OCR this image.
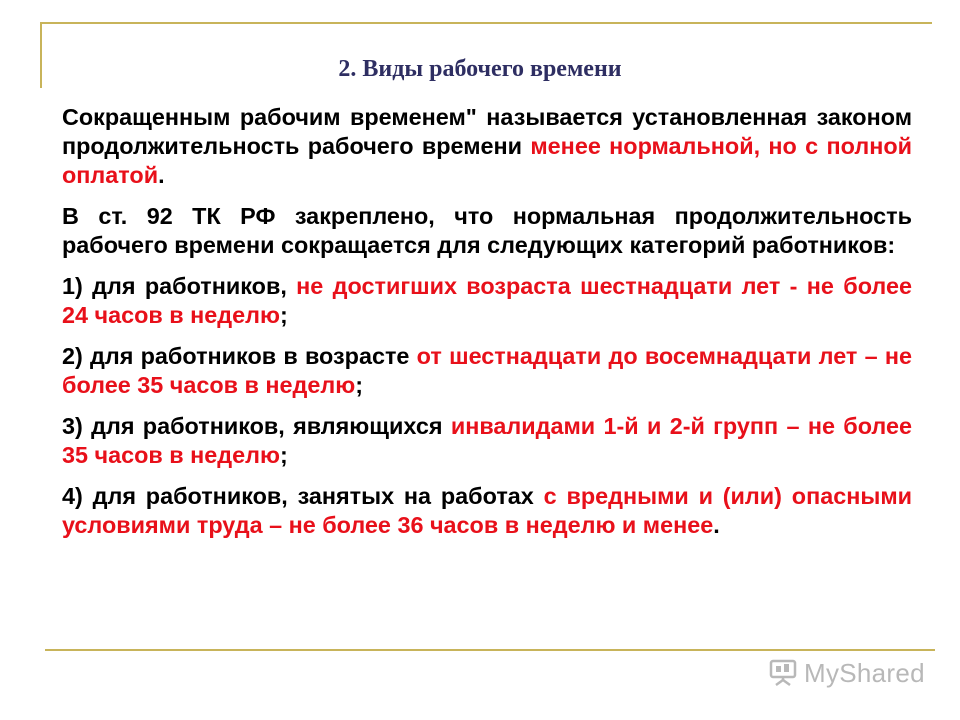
2. Виды рабочего времени

Сокращенным рабочим временем" называется установленная законом продолжительность рабочего времени менее нормальной, но с полной оплатой.

В ст. 92 ТК РФ закреплено, что нормальная продолжительность рабочего времени сокращается для следующих категорий работников:

1) для работников, не достигших возраста шестнадцати лет - не более 24 часов в неделю;

2) для работников в возрасте от шестнадцати до восемнадцати лет – не более 35 часов в неделю;

3) для работников, являющихся инвалидами 1-й и 2-й групп – не более 35 часов в неделю;

4) для работников, занятых на работах с вредными и (или) опасными условиями труда – не более 36 часов в неделю и менее.

MyShared
